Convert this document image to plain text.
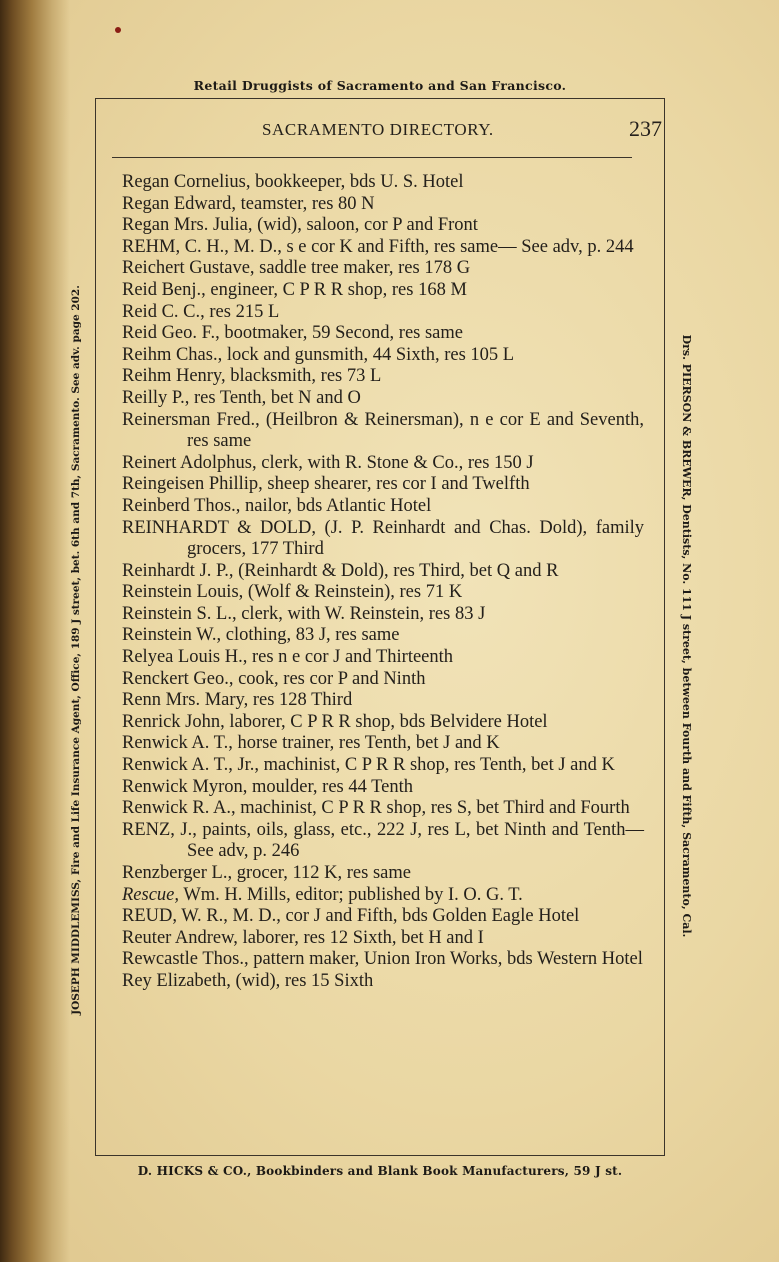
Retail Druggists of Sacramento and San Francisco.
JOSEPH MIDDLEMISS, Fire and Life Insurance Agent, Office, 189 J street, bet. 6th and 7th, Sacramento. See adv. page 202.	Drs. PIERSON & BREWER, Dentists, No. 111 J street, between Fourth and Fifth, Sacramento, Cal.
SACRAMENTO DIRECTORY.	237
Regan Cornelius, bookkeeper, bds U. S. Hotel
Regan Edward, teamster, res 80 N
Regan Mrs. Julia, (wid), saloon, cor P and Front
REHM, C. H., M. D., s e cor K and Fifth, res same— See adv, p. 244
Reichert Gustave, saddle tree maker, res 178 G
Reid Benj., engineer, C P R R shop, res 168 M
Reid C. C., res 215 L
Reid Geo. F., bootmaker, 59 Second, res same
Reihm Chas., lock and gunsmith, 44 Sixth, res 105 L
Reihm Henry, blacksmith, res 73 L
Reilly P., res Tenth, bet N and O
Reinersman Fred., (Heilbron & Reinersman), n e cor E and Seventh, res same
Reinert Adolphus, clerk, with R. Stone & Co., res 150 J
Reingeisen Phillip, sheep shearer, res cor I and Twelfth
Reinberd Thos., nailor, bds Atlantic Hotel
REINHARDT & DOLD, (J. P. Reinhardt and Chas. Dold), family grocers, 177 Third
Reinhardt J. P., (Reinhardt & Dold), res Third, bet Q and R
Reinstein Louis, (Wolf & Reinstein), res 71 K
Reinstein S. L., clerk, with W. Reinstein, res 83 J
Reinstein W., clothing, 83 J, res same
Relyea Louis H., res n e cor J and Thirteenth
Renckert Geo., cook, res cor P and Ninth
Renn Mrs. Mary, res 128 Third
Renrick John, laborer, C P R R shop, bds Belvidere Hotel
Renwick A. T., horse trainer, res Tenth, bet J and K
Renwick A. T., Jr., machinist, C P R R shop, res Tenth, bet J and K
Renwick Myron, moulder, res 44 Tenth
Renwick R. A., machinist, C P R R shop, res S, bet Third and Fourth
RENZ, J., paints, oils, glass, etc., 222 J, res L, bet Ninth and Tenth—See adv, p. 246
Renzberger L., grocer, 112 K, res same
Rescue, Wm. H. Mills, editor; published by I. O. G. T.
REUD, W. R., M. D., cor J and Fifth, bds Golden Eagle Hotel
Reuter Andrew, laborer, res 12 Sixth, bet H and I
Rewcastle Thos., pattern maker, Union Iron Works, bds Western Hotel
Rey Elizabeth, (wid), res 15 Sixth
D. HICKS & CO., Bookbinders and Blank Book Manufacturers, 59 J st.
